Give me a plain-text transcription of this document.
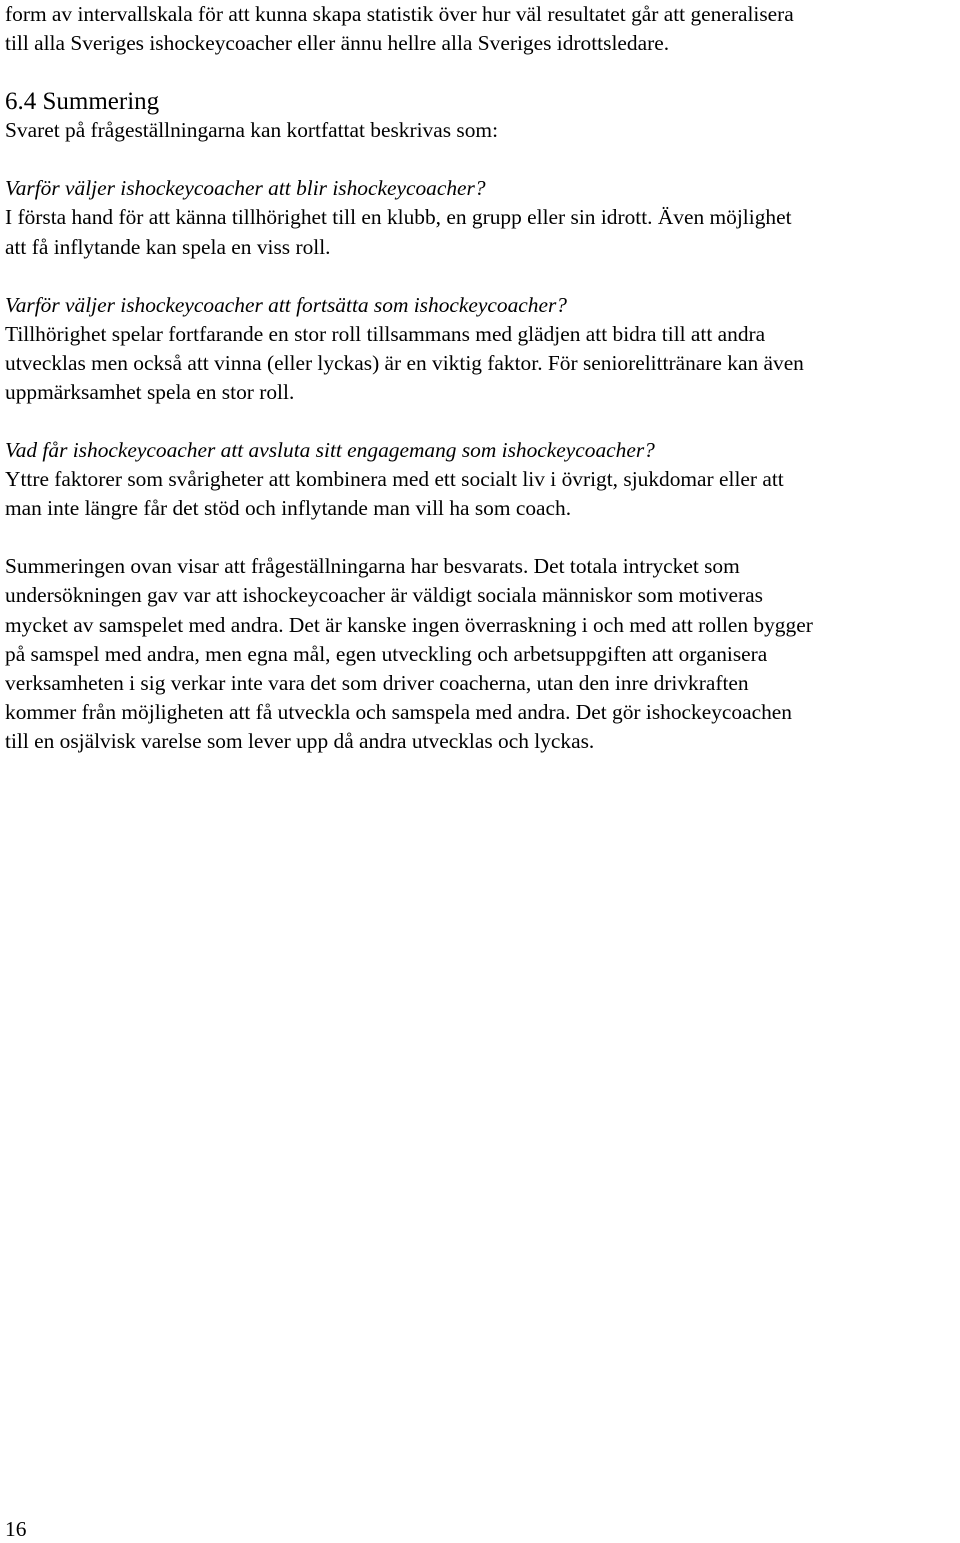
form av intervallskala för att kunna skapa statistik över hur väl resultatet går att generalisera
till alla Sveriges ishockeycoacher eller ännu hellre alla Sveriges idrottsledare.
6.4 Summering
Svaret på frågeställningarna kan kortfattat beskrivas som:
Varför väljer ishockeycoacher att blir ishockeycoacher?
I första hand för att känna tillhörighet till en klubb, en grupp eller sin idrott. Även möjlighet
att få inflytande kan spela en viss roll.
Varför väljer ishockeycoacher att fortsätta som ishockeycoacher?
Tillhörighet spelar fortfarande en stor roll tillsammans med glädjen att bidra till att andra
utvecklas men också att vinna (eller lyckas) är en viktig faktor. För seniorelittränare kan även
uppmärksamhet spela en stor roll.
Vad får ishockeycoacher att avsluta sitt engagemang som ishockeycoacher?
Yttre faktorer som svårigheter att kombinera med ett socialt liv i övrigt, sjukdomar eller att
man inte längre får det stöd och inflytande man vill ha som coach.
Summeringen ovan visar att frågeställningarna har besvarats. Det totala intrycket som
undersökningen gav var att ishockeycoacher är väldigt sociala människor som motiveras
mycket av samspelet med andra. Det är kanske ingen överraskning i och med att rollen bygger
på samspel med andra, men egna mål, egen utveckling och arbetsuppgiften att organisera
verksamheten i sig verkar inte vara det som driver coacherna, utan den inre drivkraften
kommer från möjligheten att få utveckla och samspela med andra. Det gör ishockeycoachen
till en osjälvisk varelse som lever upp då andra utvecklas och lyckas.
16
